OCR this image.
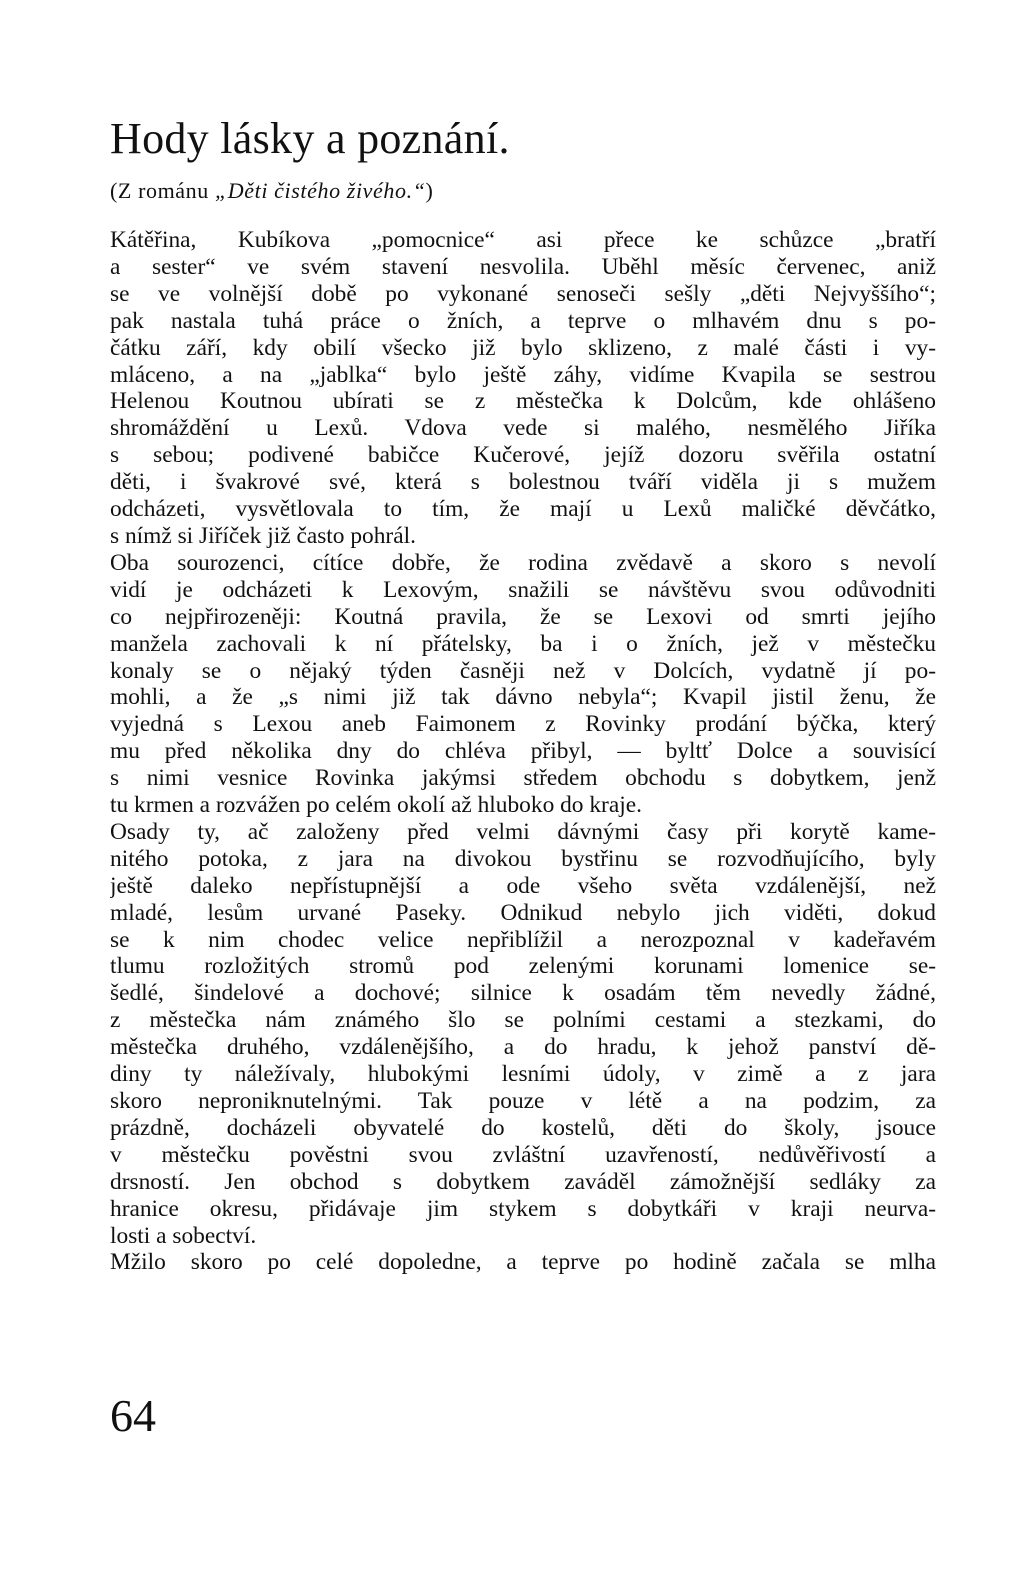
Hody lásky a poznání.
(Z románu „Děti čistého živého.“)
Kátěřina, Kubíkova „pomocnice“ asi přece ke schůzce „bratří
a sester“ ve svém stavení nesvolila. Uběhl měsíc červenec, aniž
se ve volnější době po vykonané senoseči sešly „děti Nejvyššího“;
pak nastala tuhá práce o žních, a teprve o mlhavém dnu s po-
čátku září, kdy obilí všecko již bylo sklizeno, z malé části i vy-
mláceno, a na „jablka“ bylo ještě záhy, vidíme Kvapila se sestrou
Helenou Koutnou ubírati se z městečka k Dolcům, kde ohlášeno
shromáždění u Lexů. Vdova vede si malého, nesmělého Jiříka
s sebou; podivené babičce Kučerové, jejíž dozoru svěřila ostatní
děti, i švakrové své, která s bolestnou tváří viděla ji s mužem
odcházeti, vysvětlovala to tím, že mají u Lexů maličké děvčátko,
s nímž si Jiříček již často pohrál.
Oba sourozenci, cítíce dobře, že rodina zvědavě a skoro s nevolí
vidí je odcházeti k Lexovým, snažili se návštěvu svou odůvodniti
co nejpřirozeněji: Koutná pravila, že se Lexovi od smrti jejího
manžela zachovali k ní přátelsky, ba i o žních, jež v městečku
konaly se o nějaký týden časněji než v Dolcích, vydatně jí po-
mohli, a že „s nimi již tak dávno nebyla“; Kvapil jistil ženu, že
vyjedná s Lexou aneb Faimonem z Rovinky prodání býčka, který
mu před několika dny do chléva přibyl, — byltť Dolce a souvisící
s nimi vesnice Rovinka jakýmsi středem obchodu s dobytkem, jenž
tu krmen a rozvážen po celém okolí až hluboko do kraje.
Osady ty, ač založeny před velmi dávnými časy při korytě kame-
nitého potoka, z jara na divokou bystřinu se rozvodňujícího, byly
ještě daleko nepřístupnější a ode všeho světa vzdálenější, než
mladé, lesům urvané Paseky. Odnikud nebylo jich viděti, dokud
se k nim chodec velice nepřiblížil a nerozpoznal v kadeřavém
tlumu rozložitých stromů pod zelenými korunami lomenice se-
šedlé, šindelové a dochové; silnice k osadám těm nevedly žádné,
z městečka nám známého šlo se polními cestami a stezkami, do
městečka druhého, vzdálenějšího, a do hradu, k jehož panství dě-
diny ty náležívaly, hlubokými lesními údoly, v zimě a z jara
skoro neproniknutelnými. Tak pouze v létě a na podzim, za
prázdně, docházeli obyvatelé do kostelů, děti do školy, jsouce
v městečku pověstni svou zvláštní uzavřeností, nedůvěřivostí a
drsností. Jen obchod s dobytkem zaváděl zámožnější sedláky za
hranice okresu, přidávaje jim stykem s dobytkáři v kraji neurva-
losti a sobectví.
Mžilo skoro po celé dopoledne, a teprve po hodině začala se mlha
64
